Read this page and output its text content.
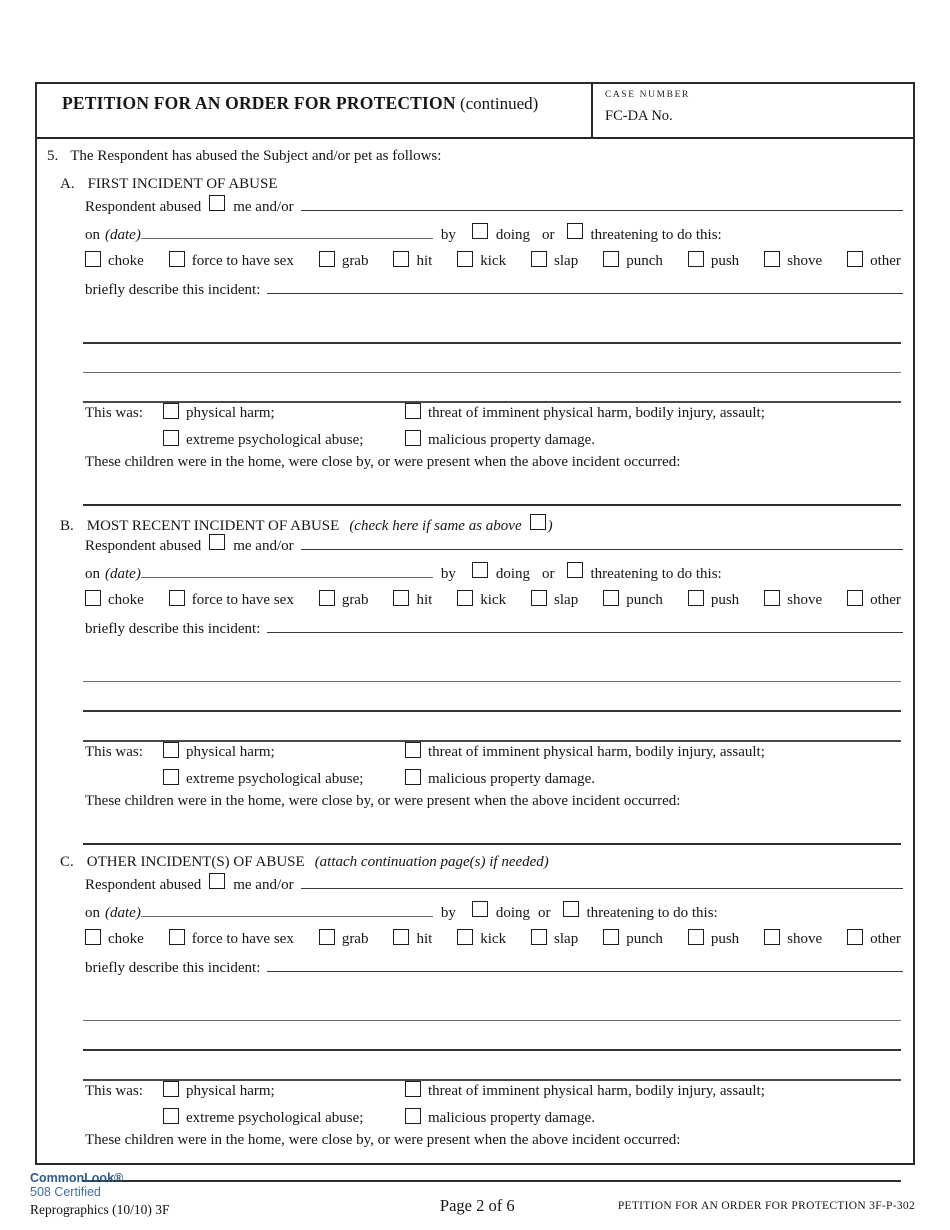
PETITION FOR AN ORDER FOR PROTECTION (continued)	CASE NUMBER
FC-DA No.
5. The Respondent has abused the Subject and/or pet as follows:
A. FIRST INCIDENT OF ABUSE
Respondent abused me and/or
on (date)	by	doing or threatening to do this:
choke	force to have sex	grab	hit	kick	slap	punch	push	shove	other
briefly describe this incident:
This was:	physical harm;	threat of imminent physical harm, bodily injury, assault;
extreme psychological abuse;	malicious property damage.
These children were in the home, were close by, or were present when the above incident occurred:
B. MOST RECENT INCIDENT OF ABUSE (check here if same as above )
Respondent abused me and/or
on (date)	by	doing or threatening to do this:
choke	force to have sex	grab	hit	kick	slap	punch	push	shove	other
briefly describe this incident:
This was:	physical harm;	threat of imminent physical harm, bodily injury, assault;
extreme psychological abuse;	malicious property damage.
These children were in the home, were close by, or were present when the above incident occurred:
C. OTHER INCIDENT(S) OF ABUSE (attach continuation page(s) if needed)
Respondent abused me and/or
on (date)	by	doing or threatening to do this:
choke	force to have sex	grab	hit	kick	slap	punch	push	shove	other
briefly describe this incident:
This was:	physical harm;	threat of imminent physical harm, bodily injury, assault;
extreme psychological abuse;	malicious property damage.
These children were in the home, were close by, or were present when the above incident occurred:
CommonLook®
508 Certified
Reprographics (10/10) 3F	Page 2 of 6	PETITION FOR AN ORDER FOR PROTECTION 3F-P-302
